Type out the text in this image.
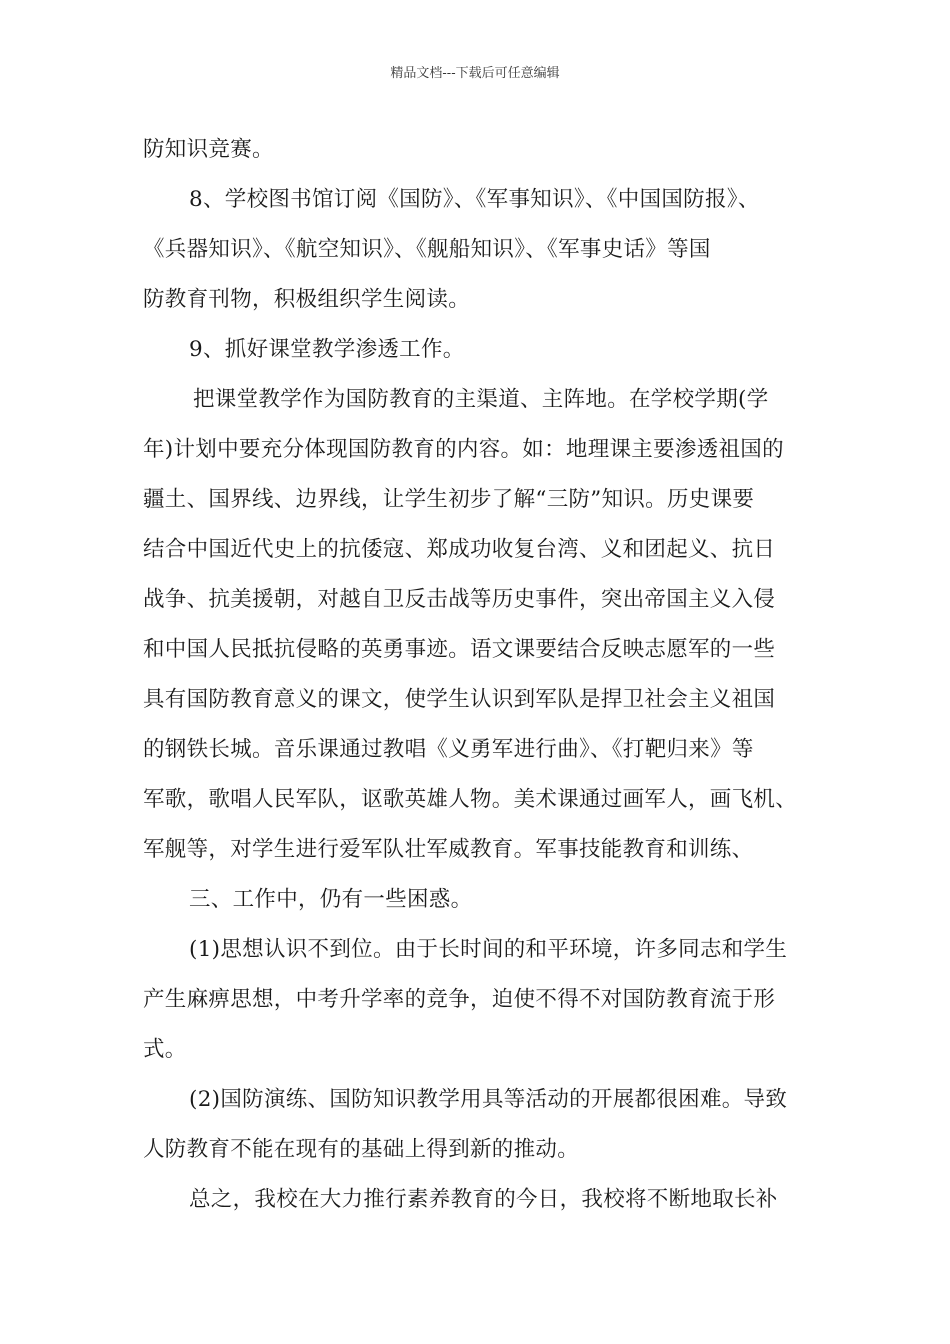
精品文档---下载后可任意编辑
防知识竞赛。
8、学校图书馆订阅《国防》、《军事知识》、《中国国防报》、
《兵器知识》、《航空知识》、《舰船知识》、《军事史话》等国
防教育刊物，积极组织学生阅读。
9、抓好课堂教学渗透工作。
把课堂教学作为国防教育的主渠道、主阵地。在学校学期(学
年)计划中要充分体现国防教育的内容。如：地理课主要渗透祖国的
疆土、国界线、边界线，让学生初步了解“三防”知识。历史课要
结合中国近代史上的抗倭寇、郑成功收复台湾、义和团起义、抗日
战争、抗美援朝，对越自卫反击战等历史事件，突出帝国主义入侵
和中国人民抵抗侵略的英勇事迹。语文课要结合反映志愿军的一些
具有国防教育意义的课文，使学生认识到军队是捍卫社会主义祖国
的钢铁长城。音乐课通过教唱《义勇军进行曲》、《打靶归来》等
军歌，歌唱人民军队，讴歌英雄人物。美术课通过画军人，画飞机、
军舰等，对学生进行爱军队壮军威教育。军事技能教育和训练、
三、工作中，仍有一些困惑。
(1)思想认识不到位。由于长时间的和平环境，许多同志和学生
产生麻痹思想，中考升学率的竞争，迫使不得不对国防教育流于形
式。
(2)国防演练、国防知识教学用具等活动的开展都很困难。导致
人防教育不能在现有的基础上得到新的推动。
总之，我校在大力推行素养教育的今日，我校将不断地取长补
